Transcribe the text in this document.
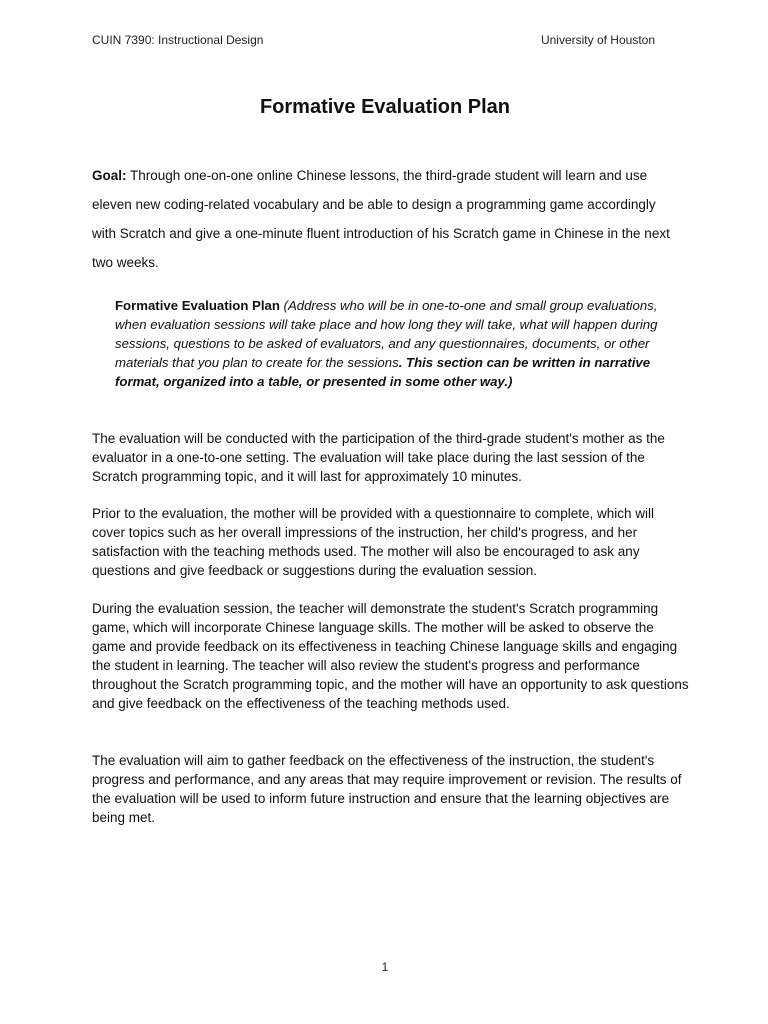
CUIN 7390: Instructional Design	University of Houston
Formative Evaluation Plan
Goal: Through one-on-one online Chinese lessons, the third-grade student will learn and use eleven new coding-related vocabulary and be able to design a programming game accordingly with Scratch and give a one-minute fluent introduction of his Scratch game in Chinese in the next two weeks.
Formative Evaluation Plan (Address who will be in one-to-one and small group evaluations, when evaluation sessions will take place and how long they will take, what will happen during sessions, questions to be asked of evaluators, and any questionnaires, documents, or other materials that you plan to create for the sessions. This section can be written in narrative format, organized into a table, or presented in some other way.)
The evaluation will be conducted with the participation of the third-grade student's mother as the evaluator in a one-to-one setting. The evaluation will take place during the last session of the Scratch programming topic, and it will last for approximately 10 minutes.
Prior to the evaluation, the mother will be provided with a questionnaire to complete, which will cover topics such as her overall impressions of the instruction, her child's progress, and her satisfaction with the teaching methods used. The mother will also be encouraged to ask any questions and give feedback or suggestions during the evaluation session.
During the evaluation session, the teacher will demonstrate the student's Scratch programming game, which will incorporate Chinese language skills. The mother will be asked to observe the game and provide feedback on its effectiveness in teaching Chinese language skills and engaging the student in learning. The teacher will also review the student's progress and performance throughout the Scratch programming topic, and the mother will have an opportunity to ask questions and give feedback on the effectiveness of the teaching methods used.
The evaluation will aim to gather feedback on the effectiveness of the instruction, the student's progress and performance, and any areas that may require improvement or revision. The results of the evaluation will be used to inform future instruction and ensure that the learning objectives are being met.
1
